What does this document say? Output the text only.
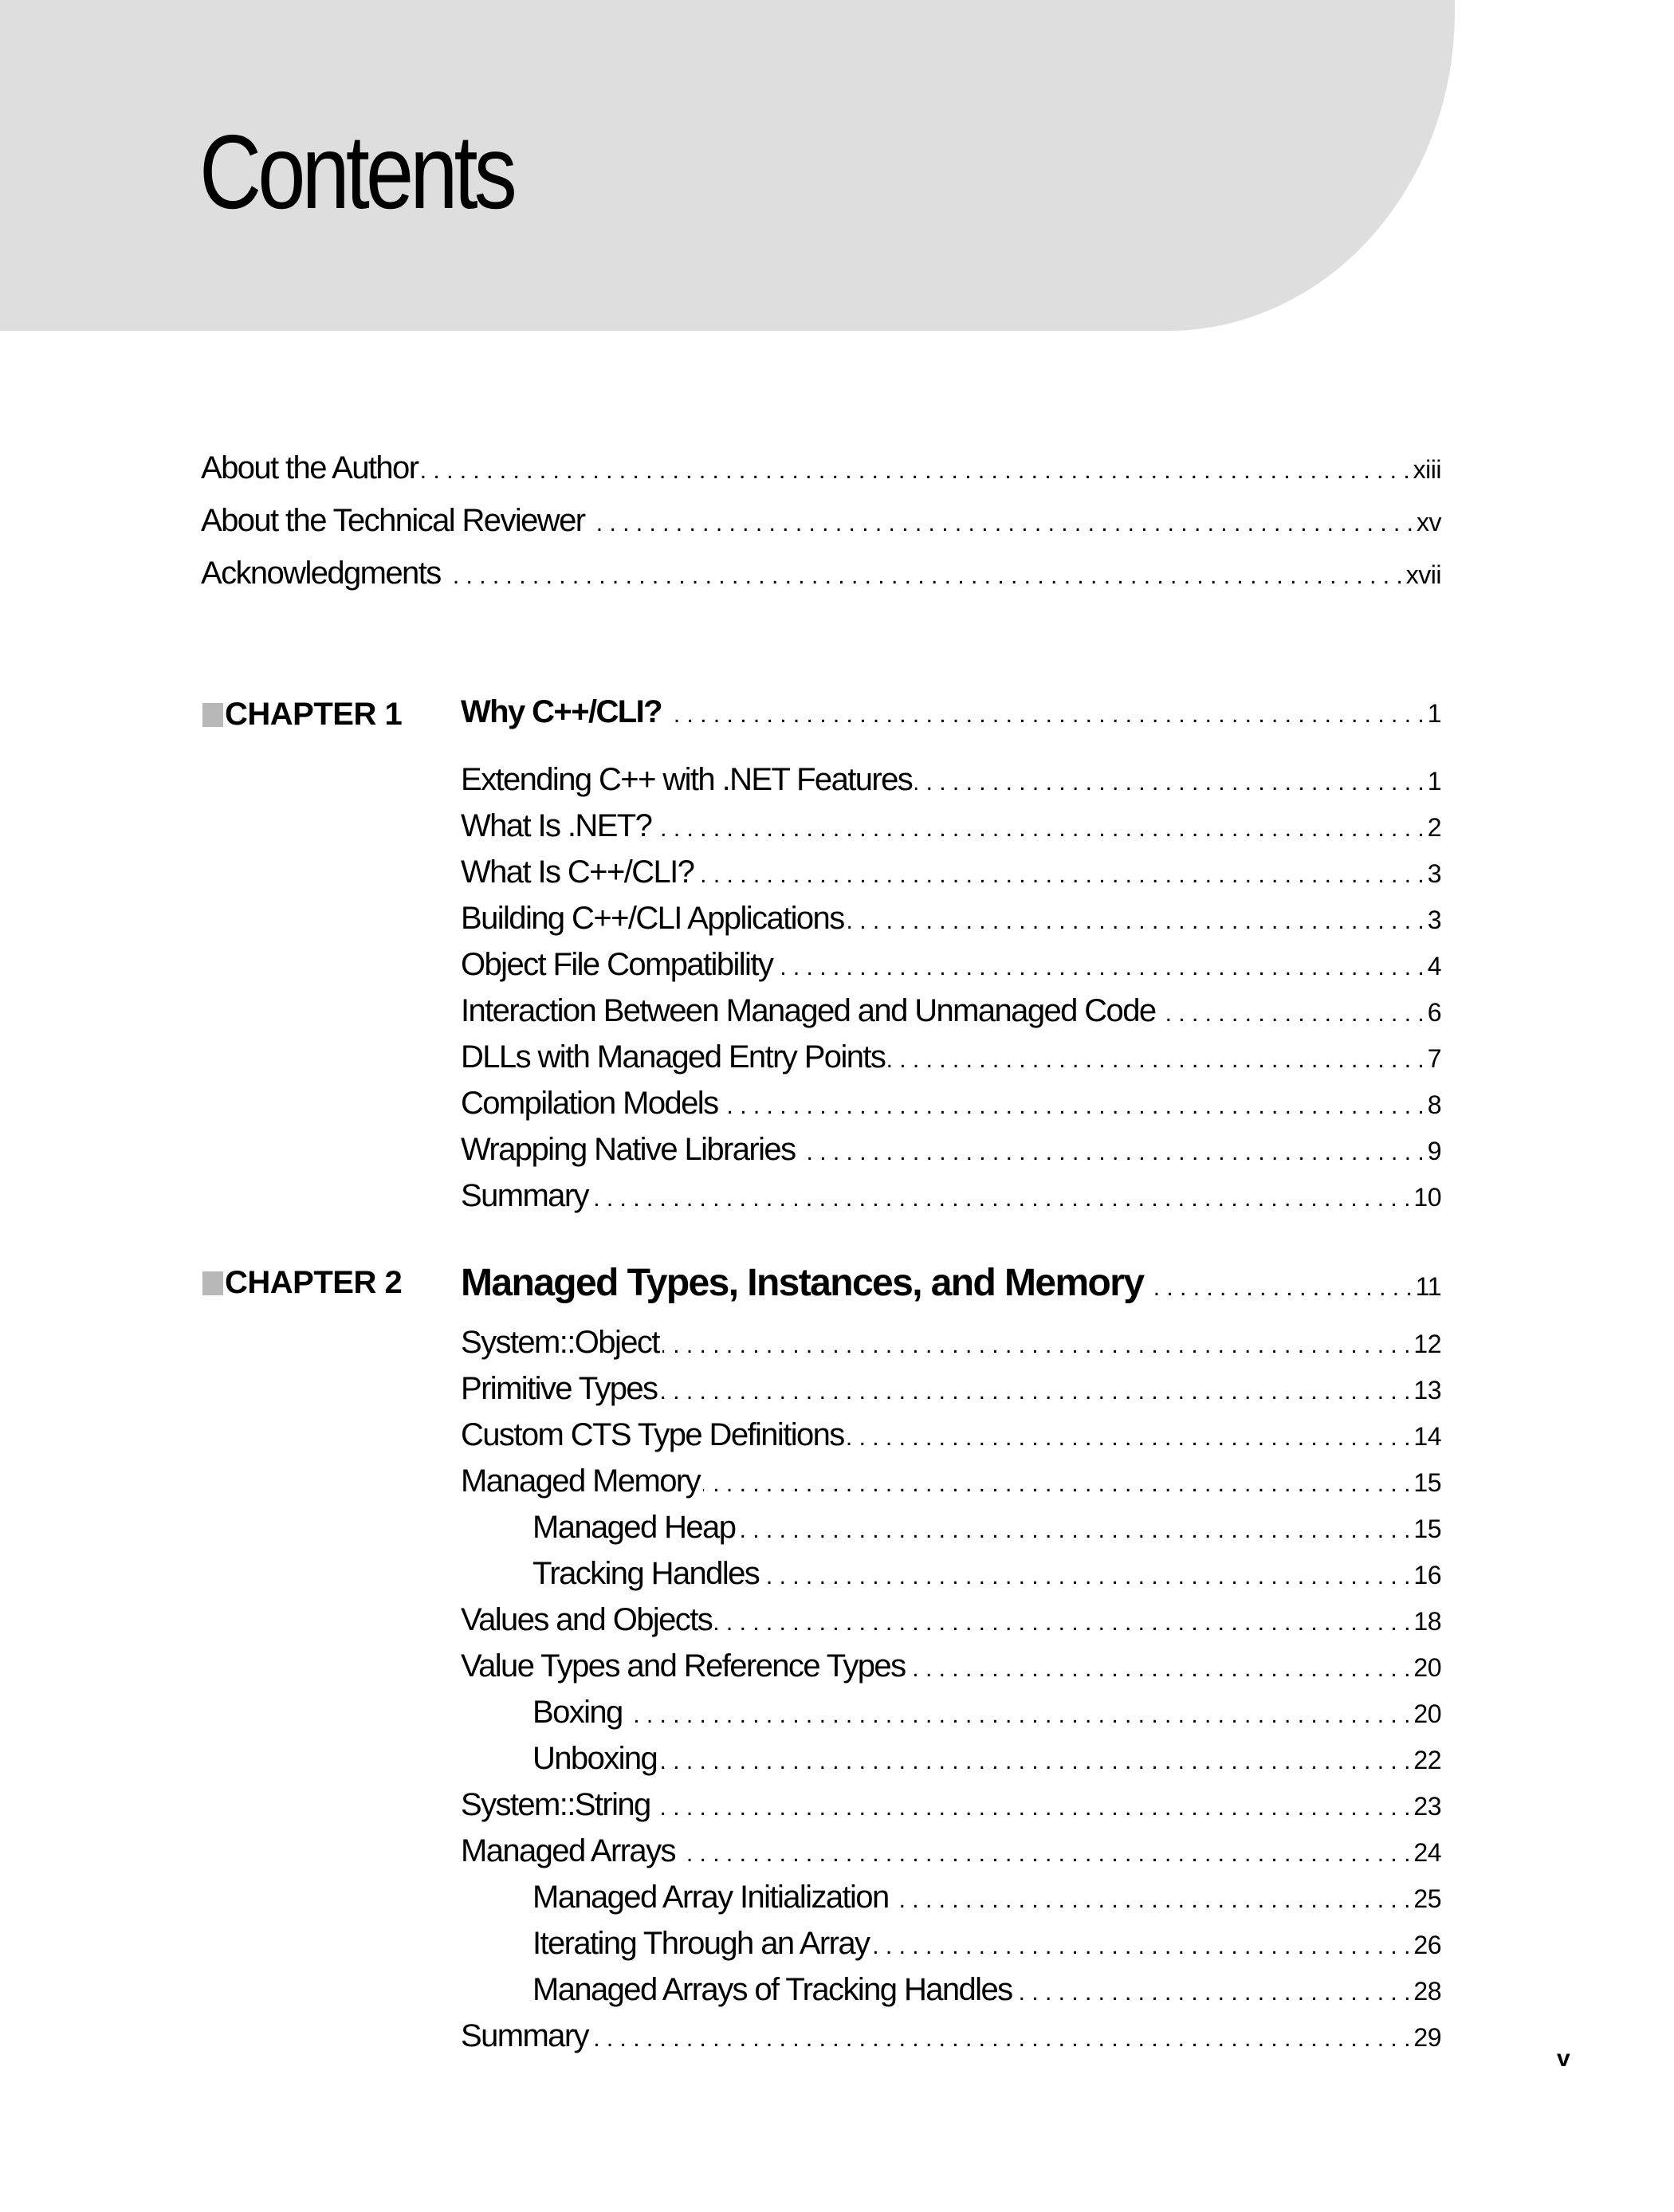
Contents
About the Author . . .	xiii
About the Technical Reviewer . . .	xv
Acknowledgments . . .	xvii
CHAPTER 1 Why C++/CLI? . . .	1
Extending C++ with .NET Features . . .	1
What Is .NET? . . .	2
What Is C++/CLI? . . .	3
Building C++/CLI Applications . . .	3
Object File Compatibility . . .	4
Interaction Between Managed and Unmanaged Code . . .	6
DLLs with Managed Entry Points . . .	7
Compilation Models . . .	8
Wrapping Native Libraries . . .	9
Summary . . .	10
CHAPTER 2 Managed Types, Instances, and Memory . . .	11
System::Object . . .	12
Primitive Types . . .	13
Custom CTS Type Definitions . . .	14
Managed Memory . . .	15
Managed Heap . . .	15
Tracking Handles . . .	16
Values and Objects . . .	18
Value Types and Reference Types . . .	20
Boxing . . .	20
Unboxing . . .	22
System::String . . .	23
Managed Arrays . . .	24
Managed Array Initialization . . .	25
Iterating Through an Array . . .	26
Managed Arrays of Tracking Handles . . .	28
Summary . . .	29
v
